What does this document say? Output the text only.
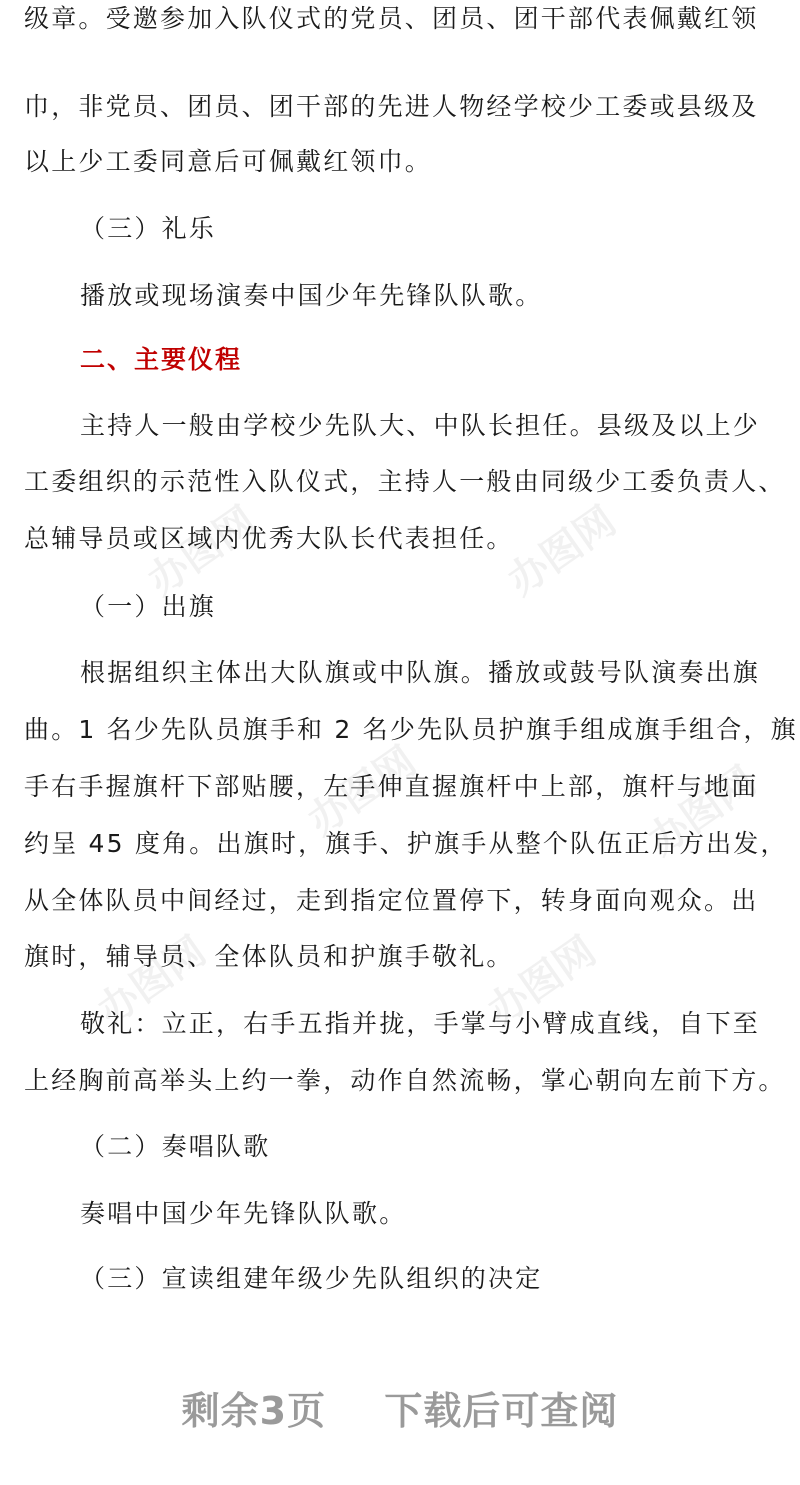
办图网	办图网
办图网	办图网
办图网	办图网
级章。受邀参加入队仪式的党员、团员、团干部代表佩戴红领
巾，非党员、团员、团干部的先进人物经学校少工委或县级及
以上少工委同意后可佩戴红领巾。
（三）礼乐
播放或现场演奏中国少年先锋队队歌。
二、主要仪程
主持人一般由学校少先队大、中队长担任。县级及以上少
工委组织的示范性入队仪式，主持人一般由同级少工委负责人、
总辅导员或区域内优秀大队长代表担任。
（一）出旗
根据组织主体出大队旗或中队旗。播放或鼓号队演奏出旗
曲。1 名少先队员旗手和 2 名少先队员护旗手组成旗手组合，旗
手右手握旗杆下部贴腰，左手伸直握旗杆中上部，旗杆与地面
约呈 45 度角。出旗时，旗手、护旗手从整个队伍正后方出发，
从全体队员中间经过，走到指定位置停下，转身面向观众。出
旗时，辅导员、全体队员和护旗手敬礼。
敬礼：立正，右手五指并拢，手掌与小臂成直线，自下至
上经胸前高举头上约一拳，动作自然流畅，掌心朝向左前下方。
（二）奏唱队歌
奏唱中国少年先锋队队歌。
（三）宣读组建年级少先队组织的决定
剩余3页 下载后可查阅
